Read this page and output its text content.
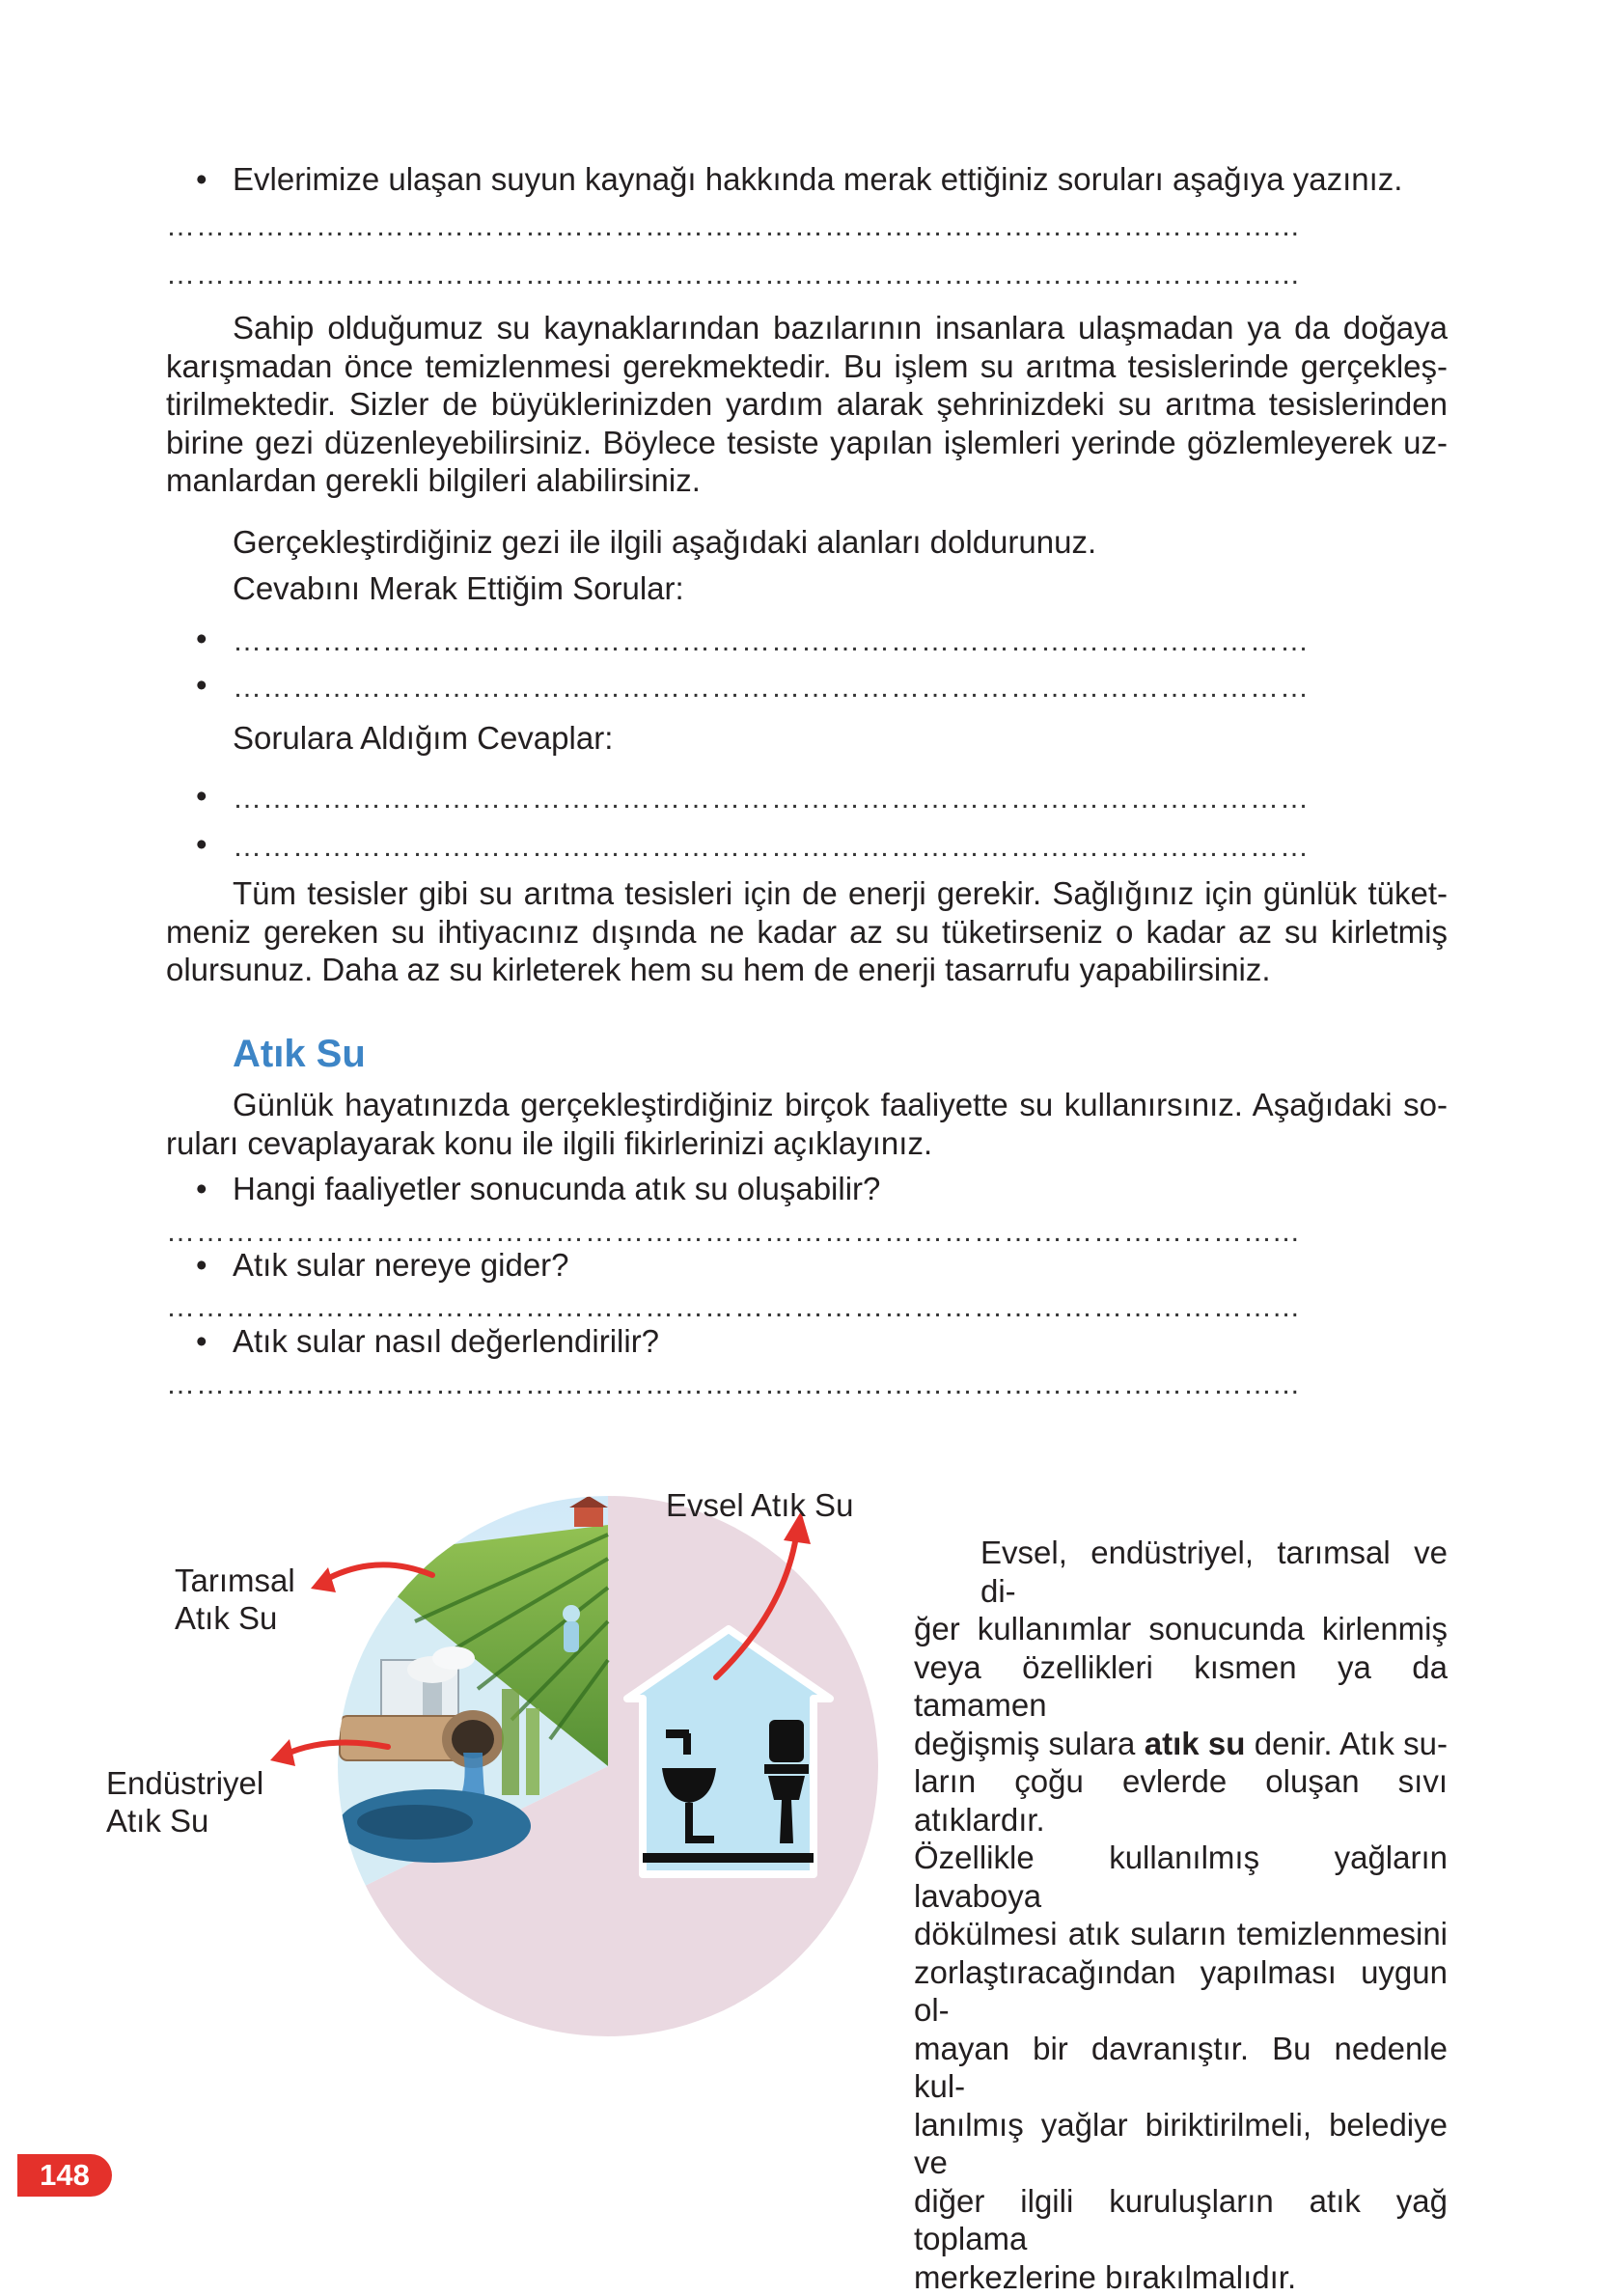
• Evlerimize ulaşan suyun kaynağı hakkında merak ettiğiniz soruları aşağıya yazınız.
…………………………………………………………………………………………………...
…………………………………………………………………………………………………...
Sahip olduğumuz su kaynaklarından bazılarının insanlara ulaşmadan ya da doğaya
karışmadan önce temizlenmesi gerekmektedir. Bu işlem su arıtma tesislerinde gerçekleş-
tirilmektedir. Sizler de büyüklerinizden yardım alarak şehrinizdeki su arıtma tesislerinden
birine gezi düzenleyebilirsiniz. Böylece tesiste yapılan işlemleri yerinde gözlemleyerek uz-
manlardan gerekli bilgileri alabilirsiniz.
Gerçekleştirdiğiniz gezi ile ilgili aşağıdaki alanları doldurunuz.
Cevabını Merak Ettiğim Sorular:
• ………………………………………………………………………………………………
• ………………………………………………………………………………………………
Sorulara Aldığım Cevaplar:
• ………………………………………………………………………………………………
• ………………………………………………………………………………………………
Tüm tesisler gibi su arıtma tesisleri için de enerji gerekir. Sağlığınız için günlük tüket-
meniz gereken su ihtiyacınız dışında ne kadar az su tüketirseniz o kadar az su kirletmiş
olursunuz. Daha az su kirleterek hem su hem de enerji tasarrufu yapabilirsiniz.
Atık Su
Günlük hayatınızda gerçekleştirdiğiniz birçok faaliyette su kullanırsınız. Aşağıdaki so-
ruları cevaplayarak konu ile ilgili fikirlerinizi açıklayınız.
• Hangi faaliyetler sonucunda atık su oluşabilir?
…………………………………………………………………………………………………...
• Atık sular nereye gider?
…………………………………………………………………………………………………...
• Atık sular nasıl değerlendirilir?
…………………………………………………………………………………………………...
Evsel Atık Su
Tarımsal
Atık Su
Endüstriyel
Atık Su
Evsel, endüstriyel, tarımsal ve di-
ğer kullanımlar sonucunda kirlenmiş
veya özellikleri kısmen ya da tamamen
değişmiş sulara atık su denir. Atık su-
ların çoğu evlerde oluşan sıvı atıklardır.
Özellikle kullanılmış yağların lavaboya
dökülmesi atık suların temizlenmesini
zorlaştıracağından yapılması uygun ol-
mayan bir davranıştır. Bu nedenle kul-
lanılmış yağlar biriktirilmeli, belediye ve
diğer ilgili kuruluşların atık yağ toplama
merkezlerine bırakılmalıdır.
148
